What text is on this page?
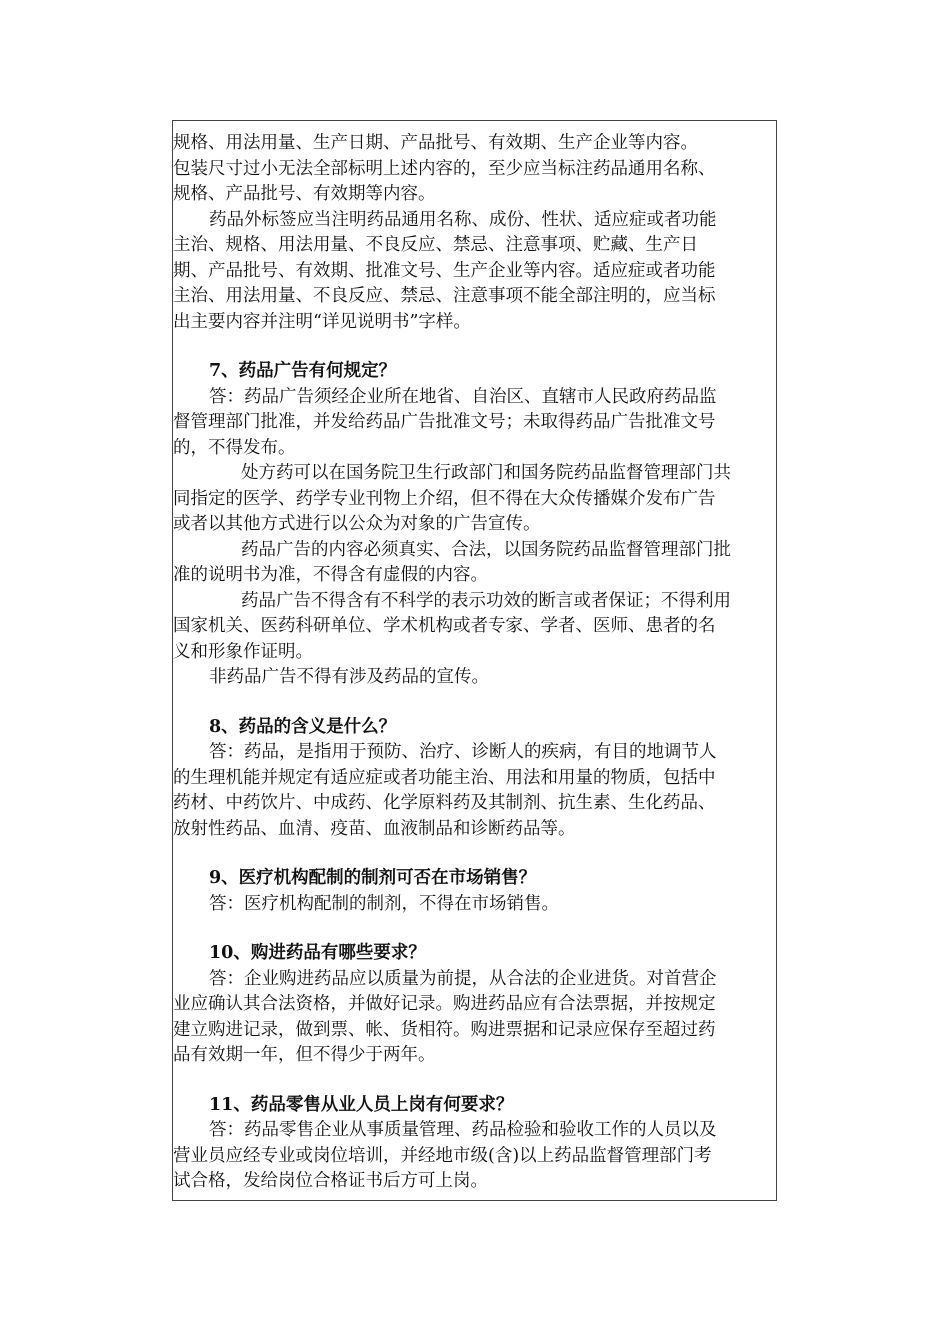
规格、用法用量、生产日期、产品批号、有效期、生产企业等内容。
包装尺寸过小无法全部标明上述内容的，至少应当标注药品通用名称、
规格、产品批号、有效期等内容。
药品外标签应当注明药品通用名称、成份、性状、适应症或者功能
主治、规格、用法用量、不良反应、禁忌、注意事项、贮藏、生产日
期、产品批号、有效期、批准文号、生产企业等内容。适应症或者功能
主治、用法用量、不良反应、禁忌、注意事项不能全部注明的，应当标
出主要内容并注明“详见说明书”字样。
7、药品广告有何规定？
答：药品广告须经企业所在地省、自治区、直辖市人民政府药品监
督管理部门批准，并发给药品广告批准文号；未取得药品广告批准文号
的，不得发布。
处方药可以在国务院卫生行政部门和国务院药品监督管理部门共
同指定的医学、药学专业刊物上介绍，但不得在大众传播媒介发布广告
或者以其他方式进行以公众为对象的广告宣传。
药品广告的内容必须真实、合法，以国务院药品监督管理部门批
准的说明书为准，不得含有虚假的内容。
药品广告不得含有不科学的表示功效的断言或者保证；不得利用
国家机关、医药科研单位、学术机构或者专家、学者、医师、患者的名
义和形象作证明。
非药品广告不得有涉及药品的宣传。
8、药品的含义是什么？
答：药品，是指用于预防、治疗、诊断人的疾病，有目的地调节人
的生理机能并规定有适应症或者功能主治、用法和用量的物质，包括中
药材、中药饮片、中成药、化学原料药及其制剂、抗生素、生化药品、
放射性药品、血清、疫苗、血液制品和诊断药品等。
9、医疗机构配制的制剂可否在市场销售？
答：医疗机构配制的制剂，不得在市场销售。
10、购进药品有哪些要求？
答：企业购进药品应以质量为前提，从合法的企业进货。对首营企
业应确认其合法资格，并做好记录。购进药品应有合法票据，并按规定
建立购进记录，做到票、帐、货相符。购进票据和记录应保存至超过药
品有效期一年，但不得少于两年。
11、药品零售从业人员上岗有何要求？
答：药品零售企业从事质量管理、药品检验和验收工作的人员以及
营业员应经专业或岗位培训，并经地市级(含)以上药品监督管理部门考
试合格，发给岗位合格证书后方可上岗。
